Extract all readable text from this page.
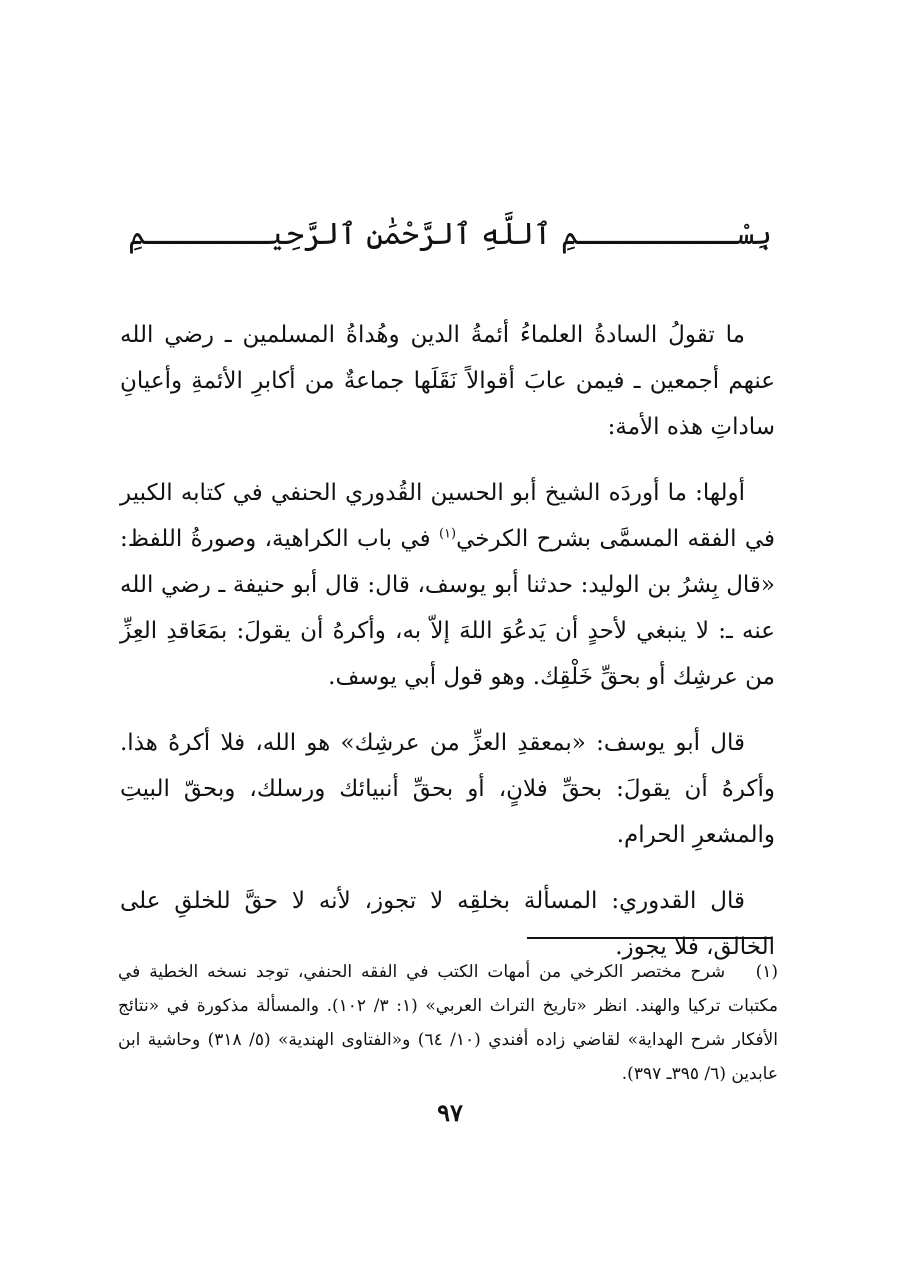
بِسْـــــــــمِ ٱللَّهِ ٱلرَّحْمَٰنِ ٱلرَّحِيـــــــمِ

ما تقولُ السادةُ العلماءُ أئمةُ الدين وهُداةُ المسلمين ـ رضي الله عنهم أجمعين ـ فيمن عابَ أقوالاً نَقَلَها جماعةٌ من أكابرِ الأئمةِ وأعيانِ ساداتِ هذه الأمة:

أولها: ما أوردَه الشيخ أبو الحسين القُدوري الحنفي في كتابه الكبير في الفقه المسمَّى بشرح الكرخي$^{(١)}$ في باب الكراهية، وصورةُ اللفظ: «قال بِشرُ بن الوليد: حدثنا أبو يوسف، قال: قال أبو حنيفة ـ رضي الله عنه ـ: لا ينبغي لأحدٍ أن يَدعُوَ اللهَ إلاّ به، وأكرهُ أن يقولَ: بمَعَاقدِ العِزِّ من عرشِك أو بحقِّ خَلْقِك. وهو قول أبي يوسف.

قال أبو يوسف: «بمعقدِ العزِّ من عرشِك» هو الله، فلا أكرهُ هذا. وأكرهُ أن يقولَ: بحقِّ فلانٍ، أو بحقِّ أنبيائك ورسلك، وبحقّ البيتِ والمشعرِ الحرام.

قال القدوري: المسألة بخلقِه لا تجوز، لأنه لا حقَّ للخلقِ على الخالق، فلا يجوز.

(١) شرح مختصر الكرخي من أمهات الكتب في الفقه الحنفي، توجد نسخه الخطية في مكتبات تركيا والهند. انظر «تاريخ التراث العربي» (١: ٣/ ١٠٢). والمسألة مذكورة في «نتائج الأفكار شرح الهداية» لقاضي زاده أفندي (١٠/ ٦٤) و«الفتاوى الهندية» (٥/ ٣١٨) وحاشية ابن عابدين (٦/ ٣٩٥ـ ٣٩٧).
٩٧
